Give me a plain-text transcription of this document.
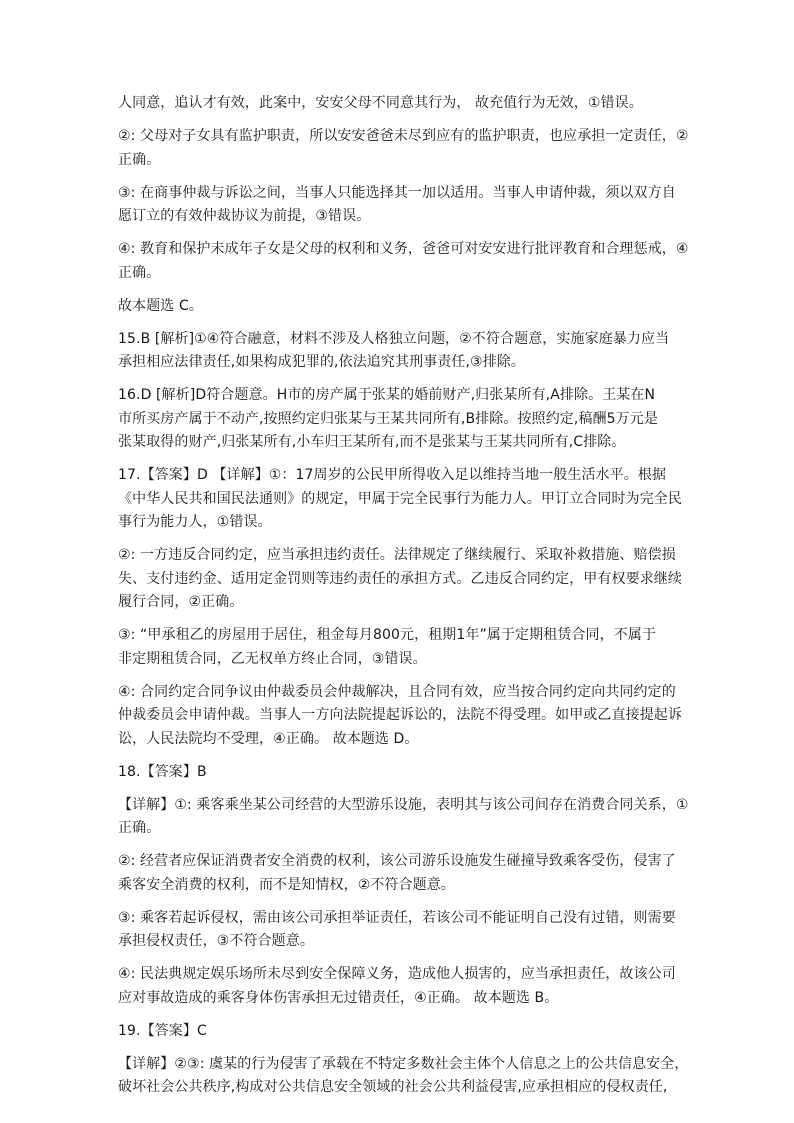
人同意，追认才有效，此案中，安安父母不同意其行为， 故充值行为无效，①错误。
②: 父母对子女具有监护职责，所以安安爸爸未尽到应有的监护职责，也应承担一定责任，②
正确。
③: 在商事仲裁与诉讼之间，当事人只能选择其一加以适用。当事人申请仲裁，须以双方自
愿订立的有效仲裁协议为前提，③错误。
④: 教育和保护未成年子女是父母的权利和义务，爸爸可对安安进行批评教育和合理惩戒，④
正确。
故本题选 C。
15.B [解析]①④符合融意，材料不涉及人格独立问题，②不符合题意，实施家庭暴力应当
承担相应法律责任,如果构成犯罪的,依法追究其刑事责任,③排除。
16.D [解析]D符合题意。H市的房产属于张某的婚前财产,归张某所有,A排除。王某在N
市所买房产属于不动产,按照约定归张某与王某共同所有,B排除。按照约定,稿酬5万元是
张某取得的财产,归张某所有,小车归王某所有,而不是张某与王某共同所有,C排除。
17.【答案】D 【详解】①：17周岁的公民甲所得收入足以维持当地一般生活水平。根据
《中华人民共和国民法通则》的规定，甲属于完全民事行为能力人。甲订立合同时为完全民
事行为能力人，①错误。
②: 一方违反合同约定，应当承担违约责任。法律规定了继续履行、采取补救措施、赔偿损
失、支付违约金、适用定金罚则等违约责任的承担方式。乙违反合同约定，甲有权要求继续
履行合同，②正确。
③: “甲承租乙的房屋用于居住，租金每月800元，租期1年”属于定期租赁合同，不属于
非定期租赁合同，乙无权单方终止合同，③错误。
④: 合同约定合同争议由仲裁委员会仲裁解决，且合同有效，应当按合同约定向共同约定的
仲裁委员会申请仲裁。当事人一方向法院提起诉讼的，法院不得受理。如甲或乙直接提起诉
讼，人民法院均不受理，④正确。 故本题选 D。
18.【答案】B
【详解】①: 乘客乘坐某公司经营的大型游乐设施，表明其与该公司间存在消费合同关系，①
正确。
②: 经营者应保证消费者安全消费的权利，该公司游乐设施发生碰撞导致乘客受伤，侵害了
乘客安全消费的权利，而不是知情权，②不符合题意。
③: 乘客若起诉侵权，需由该公司承担举证责任，若该公司不能证明自己没有过错，则需要
承担侵权责任，③不符合题意。
④: 民法典规定娱乐场所未尽到安全保障义务，造成他人损害的，应当承担责任，故该公司
应对事故造成的乘客身体伤害承担无过错责任，④正确。 故本题选 B。
19.【答案】C
【详解】②③: 虞某的行为侵害了承载在不特定多数社会主体个人信息之上的公共信息安全，
破坏社会公共秩序,构成对公共信息安全领域的社会公共利益侵害,应承担相应的侵权责任,
